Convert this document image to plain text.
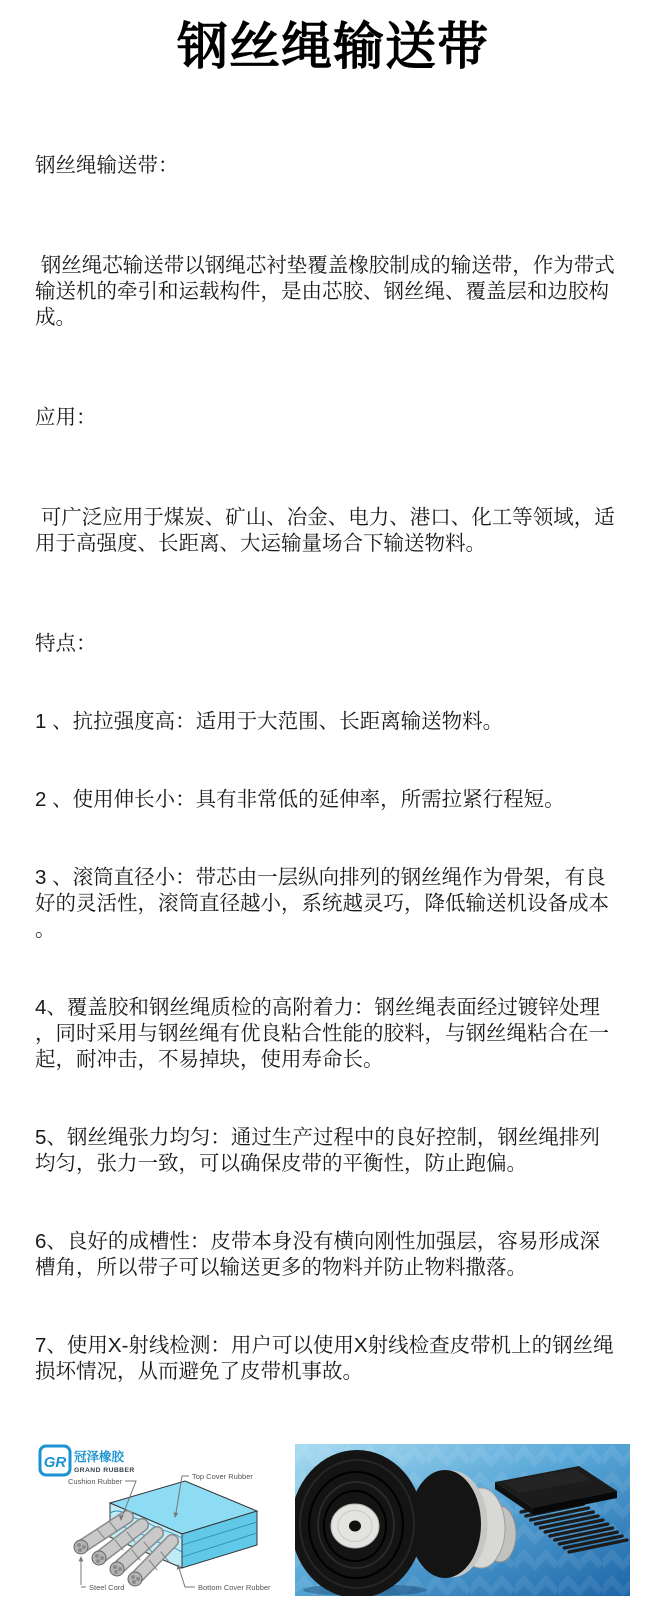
钢丝绳输送带

钢丝绳输送带：

钢丝绳芯输送带以钢绳芯衬垫覆盖橡胶制成的输送带，作为带式输送机的牵引和运载构件，是由芯胶、钢丝绳、覆盖层和边胶构成。

应用：

可广泛应用于煤炭、矿山、冶金、电力、港口、化工等领域，适用于高强度、长距离、大运输量场合下输送物料。

特点：

1 、抗拉强度高：适用于大范围、长距离输送物料。

2 、使用伸长小：具有非常低的延伸率，所需拉紧行程短。

3 、滚筒直径小：带芯由一层纵向排列的钢丝绳作为骨架，有良好的灵活性，滚筒直径越小，系统越灵巧，降低输送机设备成本。

4、覆盖胶和钢丝绳质检的高附着力：钢丝绳表面经过镀锌处理，同时采用与钢丝绳有优良粘合性能的胶料，与钢丝绳粘合在一起，耐冲击，不易掉块，使用寿命长。

5、钢丝绳张力均匀：通过生产过程中的良好控制，钢丝绳排列均匀，张力一致，可以确保皮带的平衡性，防止跑偏。

6、良好的成槽性：皮带本身没有横向刚性加强层，容易形成深槽角，所以带子可以输送更多的物料并防止物料撒落。

7、使用X-射线检测：用户可以使用X射线检查皮带机上的钢丝绳损坏情况，从而避免了皮带机事故。

GR 冠泽橡胶
GRAND RUBBER
Cushion Rubber
Top Cover Rubber
Steel Cord	Bottom Cover Rubber
